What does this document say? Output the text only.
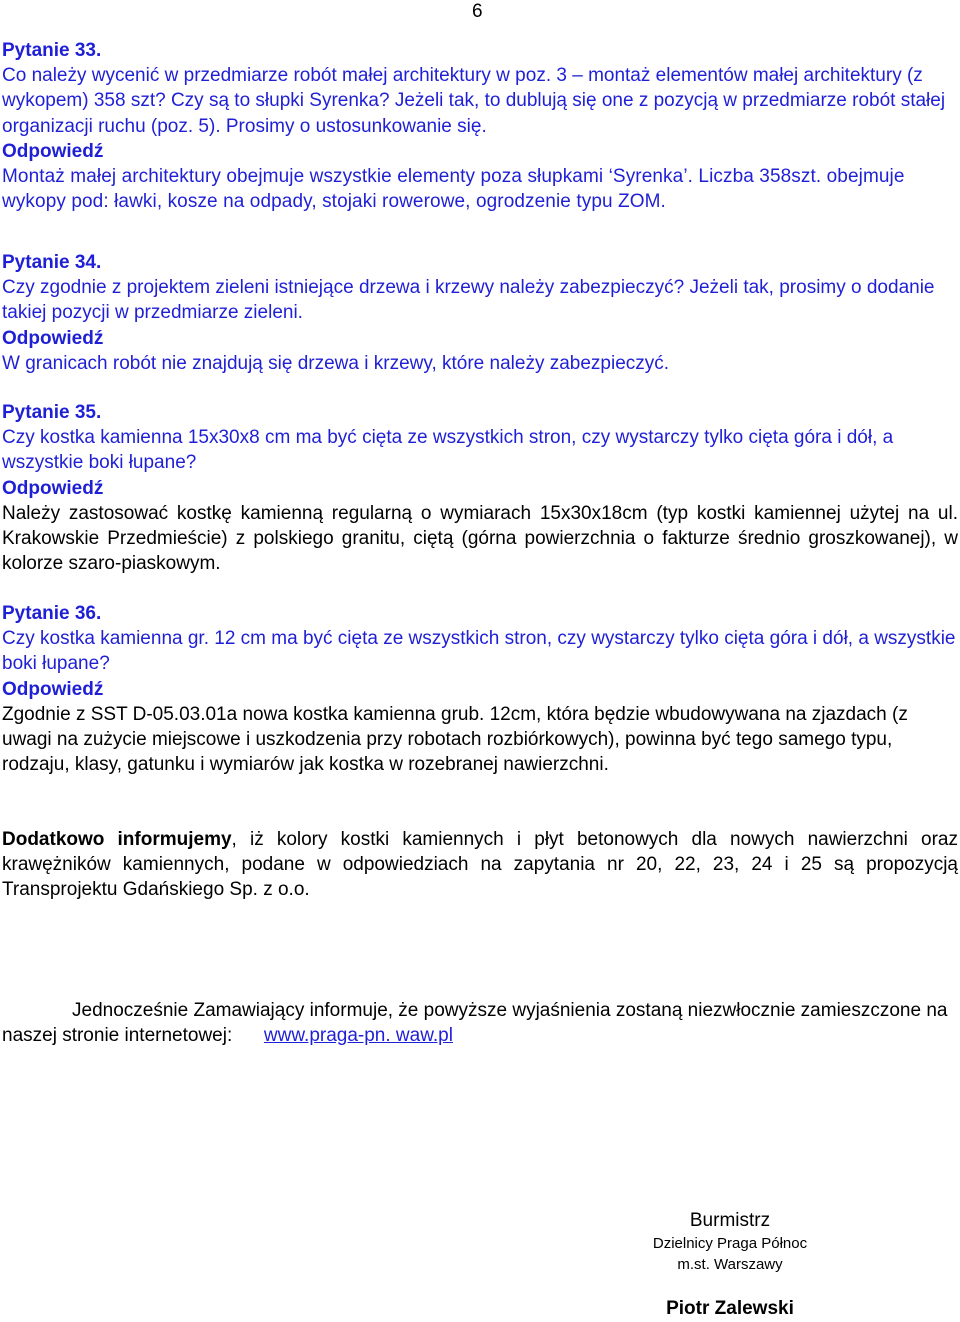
6

Pytanie 33.

Co należy wycenić w przedmiarze robót małej architektury w poz. 3 – montaż elementów małej architektury (z wykopem) 358 szt? Czy są to słupki Syrenka? Jeżeli tak, to dublują się one z pozycją w przedmiarze robót stałej organizacji ruchu (poz. 5). Prosimy o ustosunkowanie się.

Odpowiedź

Montaż małej architektury obejmuje wszystkie elementy poza słupkami ‘Syrenka’. Liczba 358szt. obejmuje wykopy pod: ławki, kosze na odpady, stojaki rowerowe, ogrodzenie typu ZOM.

Pytanie 34.

Czy zgodnie z projektem zieleni istniejące drzewa i krzewy należy zabezpieczyć? Jeżeli tak, prosimy o dodanie takiej pozycji w przedmiarze zieleni.

Odpowiedź

W granicach robót nie znajdują się drzewa i krzewy, które należy zabezpieczyć.

Pytanie 35.

Czy kostka kamienna 15x30x8 cm ma być cięta ze wszystkich stron, czy wystarczy tylko cięta góra i dół, a wszystkie boki łupane?

Odpowiedź

Należy zastosować kostkę kamienną regularną o wymiarach 15x30x18cm (typ kostki kamiennej użytej na ul. Krakowskie Przedmieście) z polskiego granitu, ciętą (górna powierzchnia o fakturze średnio groszkowanej), w kolorze szaro-piaskowym.

Pytanie 36.

Czy kostka kamienna gr. 12 cm ma być cięta ze wszystkich stron, czy wystarczy tylko cięta góra i dół, a wszystkie boki łupane?

Odpowiedź

Zgodnie z SST D-05.03.01a nowa kostka kamienna grub. 12cm, która będzie wbudowywana na zjazdach (z uwagi na zużycie miejscowe i uszkodzenia przy robotach rozbiórkowych), powinna być tego samego typu, rodzaju, klasy, gatunku i wymiarów jak kostka w rozebranej nawierzchni.

Dodatkowo informujemy, iż kolory kostki kamiennych i płyt betonowych dla nowych nawierzchni oraz krawężników kamiennych, podane w odpowiedziach na zapytania nr 20, 22, 23, 24 i 25 są propozycją Transprojektu Gdańskiego Sp. z o.o.
Jednocześnie Zamawiający informuje, że powyższe wyjaśnienia zostaną niezwłocznie zamieszczone na naszej stronie internetowej:      www.praga-pn. waw.pl
Burmistrz
Dzielnicy Praga Północ
m.st. Warszawy
Piotr Zalewski
